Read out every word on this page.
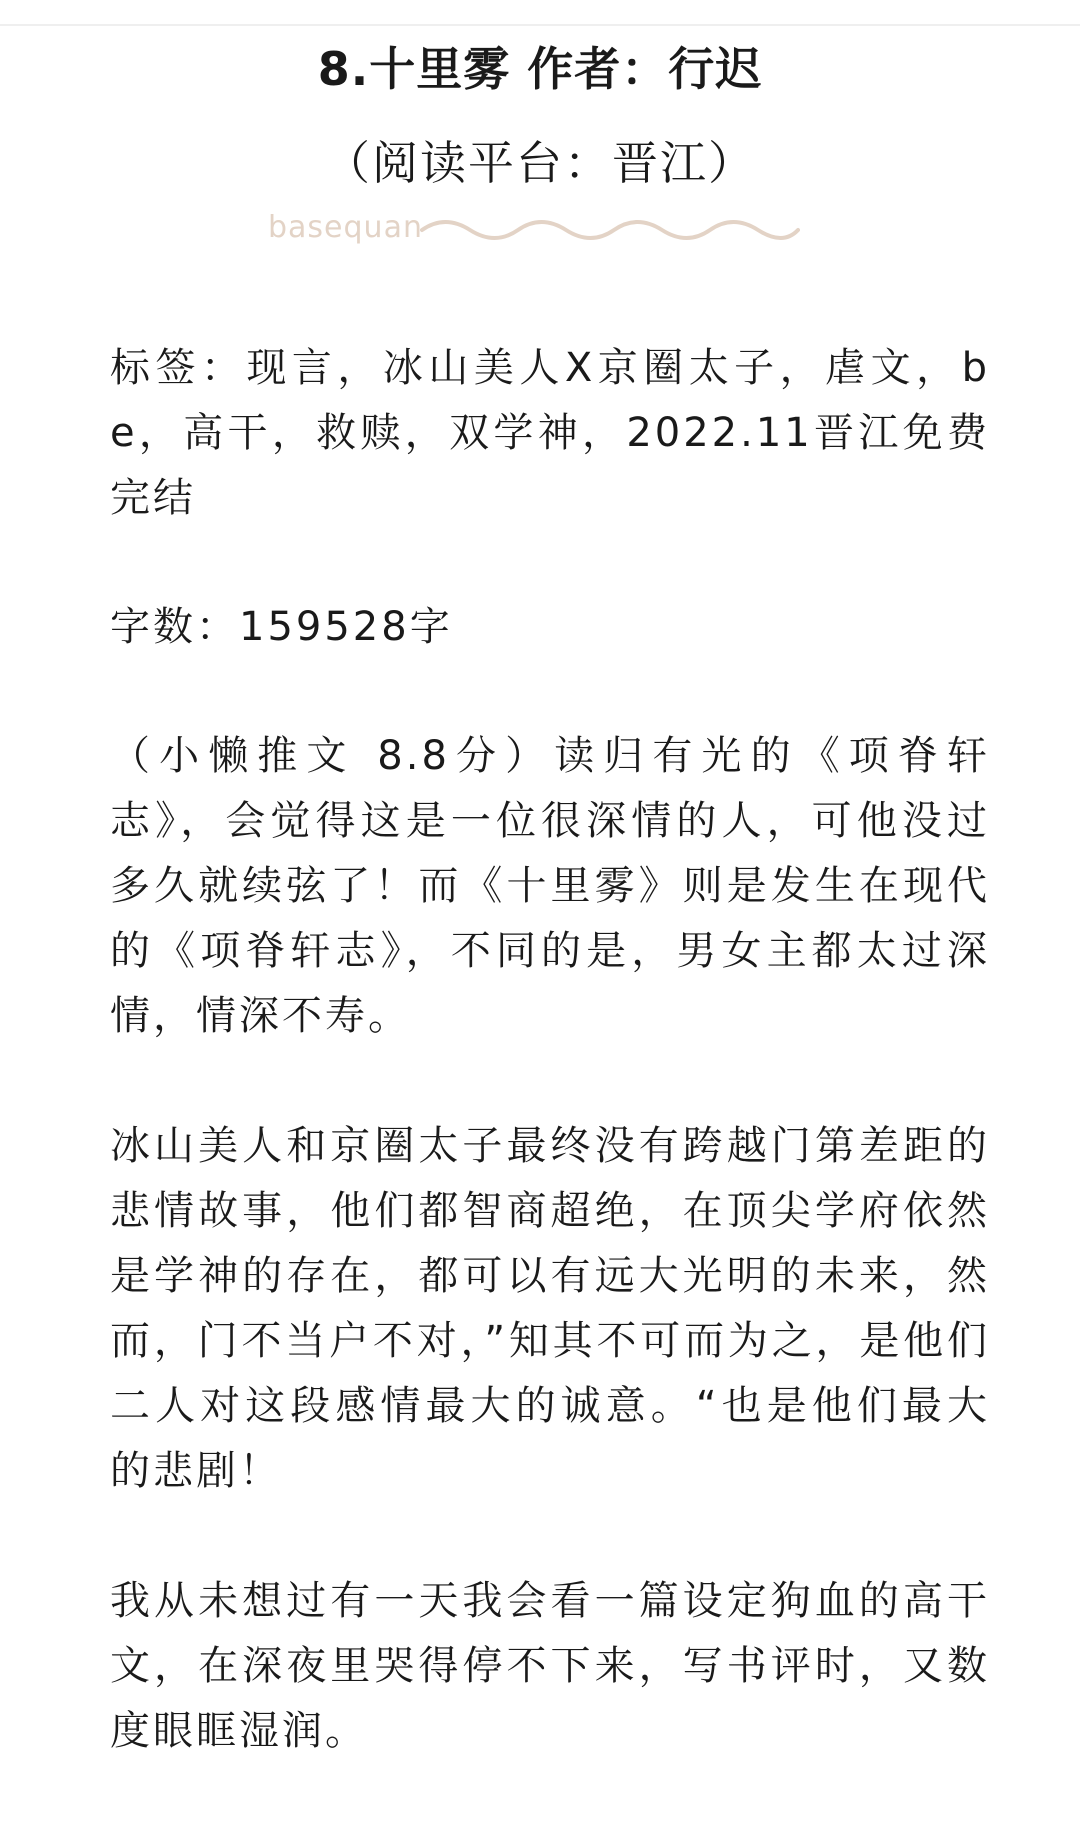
8.十里雾 作者：行迟
（阅读平台：晋江）
basequan

标签：现言，冰山美人X京圈太子，虐文，be，高干，救赎，双学神，2022.11晋江免费完结

字数：159528字

（小懒推文 8.8分）读归有光的《项脊轩志》，会觉得这是一位很深情的人，可他没过多久就续弦了！而《十里雾》则是发生在现代的《项脊轩志》，不同的是，男女主都太过深情，情深不寿。

冰山美人和京圈太子最终没有跨越门第差距的悲情故事，他们都智商超绝，在顶尖学府依然是学神的存在，都可以有远大光明的未来，然而，门不当户不对，”知其不可而为之，是他们二人对这段感情最大的诚意。“也是他们最大的悲剧！

我从未想过有一天我会看一篇设定狗血的高干文，在深夜里哭得停不下来，写书评时，又数度眼眶湿润。
